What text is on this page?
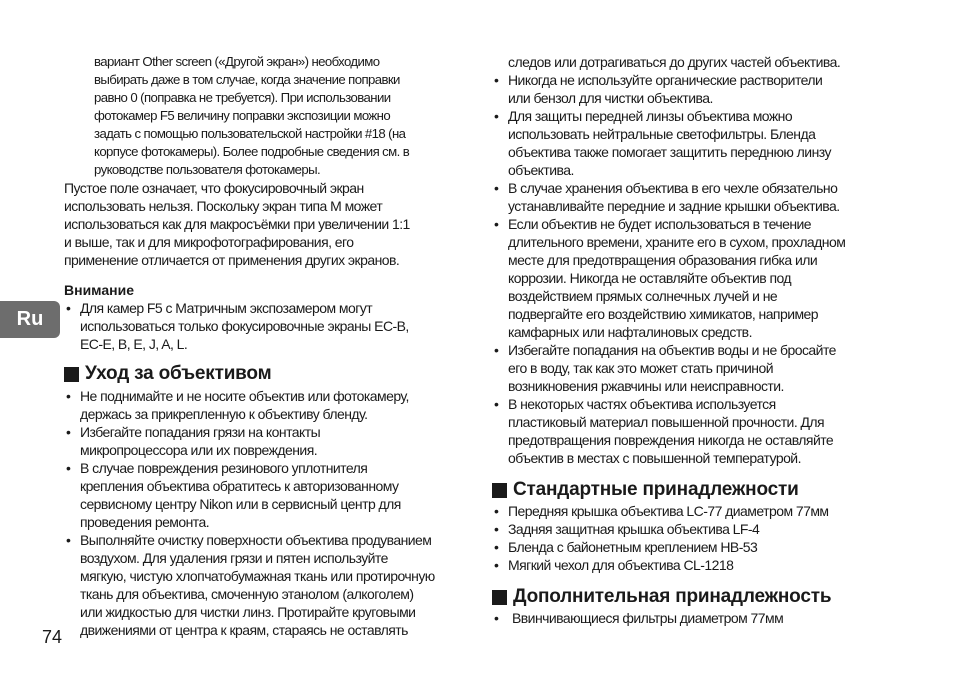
Ru
74

вариант Other screen («Другой экран») необходимо

выбирать даже в том случае, когда значение поправки

равно 0 (поправка не требуется). При использовании

фотокамер F5 величину поправки экспозиции можно

задать с помощью пользовательской настройки #18 (на

корпусе фотокамеры). Более подробные сведения см. в

руководстве пользователя фотокамеры.

Пустое поле означает, что фокусировочный экран

использовать нельзя. Поскольку экран типа M может

использоваться как для макросъёмки при увеличении 1:1

и выше, так и для микрофотографирования, его

применение отличается от применения других экранов.

Внимание
• Для камер F5 с Матричным экспозамером могут

использоваться только фокусировочные экраны EC-B,

EC-E, B, E, J, A, L.

Уход за объективом
• Не поднимайте и не носите объектив или фотокамеру,

держась за прикрепленную к объективу бленду.

• Избегайте попадания грязи на контакты

микропроцессора или их повреждения.

• В случае повреждения резинового уплотнителя

крепления объектива обратитесь к авторизованному

сервисному центру Nikon или в сервисный центр для

проведения ремонта.

• Выполняйте очистку поверхности объектива продуванием

воздухом. Для удаления грязи и пятен используйте

мягкую, чистую хлопчатобумажная ткань или протирочную

ткань для объектива, смоченную этанолом (алкоголем)

или жидкостью для чистки линз. Протирайте круговыми

движениями от центра к краям, стараясь не оставлять

следов или дотрагиваться до других частей объектива.

• Никогда не используйте органические растворители

или бензол для чистки объектива.

• Для защиты передней линзы объектива можно

использовать нейтральные светофильтры. Бленда

объектива также помогает защитить переднюю линзу

объектива.

• В случае хранения объектива в его чехле обязательно

устанавливайте передние и задние крышки объектива.

• Если объектив не будет использоваться в течение

длительного времени, храните его в сухом, прохладном

месте для предотвращения образования гибка или

коррозии. Никогда не оставляйте объектив под

воздействием прямых солнечных лучей и не

подвергайте его воздействию химикатов, например

камфарных или нафталиновых средств.

• Избегайте попадания на объектив воды и не бросайте

его в воду, так как это может стать причиной

возникновения ржавчины или неисправности.

• В некоторых частях объектива используется

пластиковый материал повышенной прочности. Для

предотвращения повреждения никогда не оставляйте

объектив в местах с повышенной температурой.

Стандартные принадлежности
• Передняя крышка объектива LC-77 диаметром 77мм

• Задняя защитная крышка объектива LF-4

• Бленда с байонетным креплением HB-53

• Мягкий чехол для объектива CL-1218

Дополнительная принадлежность
• Ввинчивающиеся фильтры диаметром 77мм
